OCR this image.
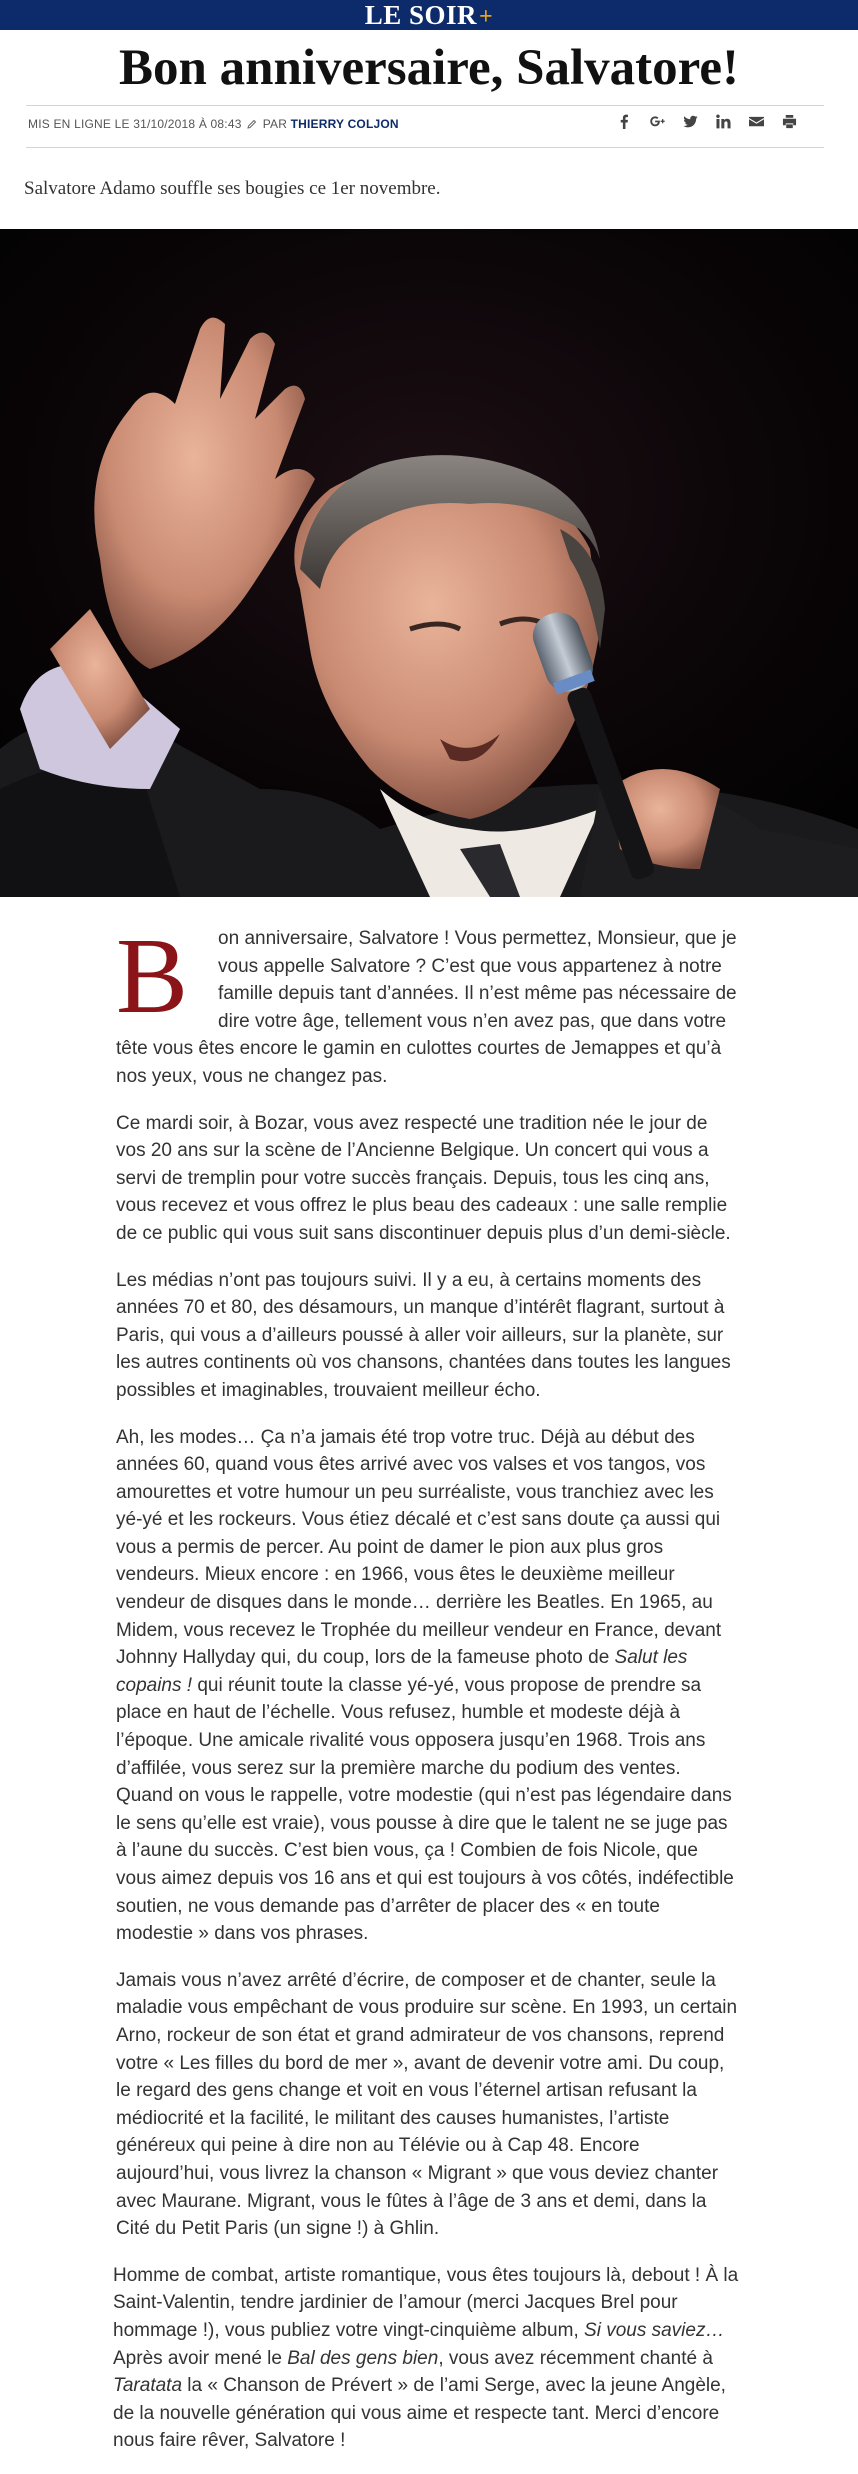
LE SOIR+
Bon anniversaire, Salvatore!
MIS EN LIGNE LE 31/10/2018 À 08:43 PAR THIERRY COLJON
Salvatore Adamo souffle ses bougies ce 1er novembre.

B on anniversaire, Salvatore ! Vous permettez, Monsieur, que je vous appelle Salvatore ? C’est que vous appartenez à notre famille depuis tant d’années. Il n’est même pas nécessaire de dire votre âge, tellement vous n’en avez pas, que dans votre tête vous êtes encore le gamin en culottes courtes de Jemappes et qu’à nos yeux, vous ne changez pas.

Ce mardi soir, à Bozar, vous avez respecté une tradition née le jour de vos 20 ans sur la scène de l’Ancienne Belgique. Un concert qui vous a servi de tremplin pour votre succès français. Depuis, tous les cinq ans, vous recevez et vous offrez le plus beau des cadeaux : une salle remplie de ce public qui vous suit sans discontinuer depuis plus d’un demi-siècle.

Les médias n’ont pas toujours suivi. Il y a eu, à certains moments des années 70 et 80, des désamours, un manque d’intérêt flagrant, surtout à Paris, qui vous a d’ailleurs poussé à aller voir ailleurs, sur la planète, sur les autres continents où vos chansons, chantées dans toutes les langues possibles et imaginables, trouvaient meilleur écho.

Ah, les modes… Ça n’a jamais été trop votre truc. Déjà au début des années 60, quand vous êtes arrivé avec vos valses et vos tangos, vos amourettes et votre humour un peu surréaliste, vous tranchiez avec les yé-yé et les rockeurs. Vous étiez décalé et c’est sans doute ça aussi qui vous a permis de percer. Au point de damer le pion aux plus gros vendeurs. Mieux encore : en 1966, vous êtes le deuxième meilleur vendeur de disques dans le monde… derrière les Beatles. En 1965, au Midem, vous recevez le Trophée du meilleur vendeur en France, devant Johnny Hallyday qui, du coup, lors de la fameuse photo de Salut les copains ! qui réunit toute la classe yé-yé, vous propose de prendre sa place en haut de l’échelle. Vous refusez, humble et modeste déjà à l’époque. Une amicale rivalité vous opposera jusqu’en 1968. Trois ans d’affilée, vous serez sur la première marche du podium des ventes. Quand on vous le rappelle, votre modestie (qui n’est pas légendaire dans le sens qu’elle est vraie), vous pousse à dire que le talent ne se juge pas à l’aune du succès. C’est bien vous, ça ! Combien de fois Nicole, que vous aimez depuis vos 16 ans et qui est toujours à vos côtés, indéfectible soutien, ne vous demande pas d’arrêter de placer des « en toute modestie » dans vos phrases.

Jamais vous n’avez arrêté d’écrire, de composer et de chanter, seule la maladie vous empêchant de vous produire sur scène. En 1993, un certain Arno, rockeur de son état et grand admirateur de vos chansons, reprend votre « Les filles du bord de mer », avant de devenir votre ami. Du coup, le regard des gens change et voit en vous l’éternel artisan refusant la médiocrité et la facilité, le militant des causes humanistes, l’artiste généreux qui peine à dire non au Télévie ou à Cap 48. Encore aujourd’hui, vous livrez la chanson « Migrant » que vous deviez chanter avec Maurane. Migrant, vous le fûtes à l’âge de 3 ans et demi, dans la Cité du Petit Paris (un signe !) à Ghlin.

Homme de combat, artiste romantique, vous êtes toujours là, debout ! À la Saint-Valentin, tendre jardinier de l’amour (merci Jacques Brel pour hommage !), vous publiez votre vingt-cinquième album, Si vous saviez… Après avoir mené le Bal des gens bien, vous avez récemment chanté à Taratata la « Chanson de Prévert » de l’ami Serge, avec la jeune Angèle, de la nouvelle génération qui vous aime et respecte tant. Merci d’encore nous faire rêver, Salvatore !
